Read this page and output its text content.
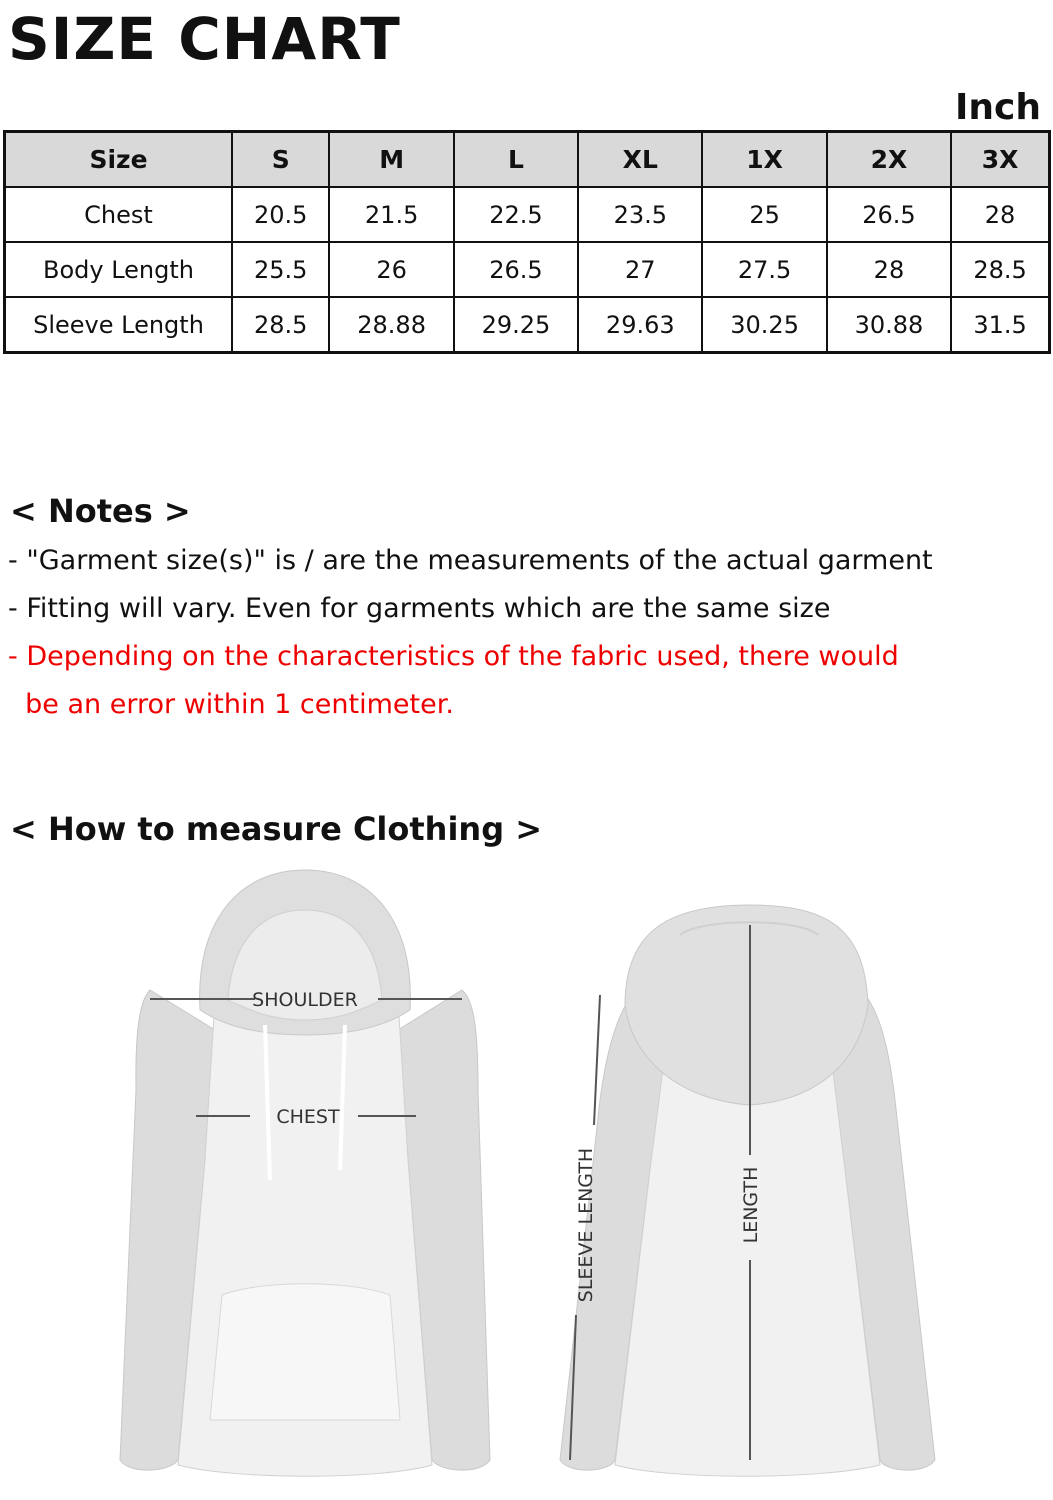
SIZE CHART
Inch
Size	S	M	L	XL	1X	2X	3X
Chest	20.5	21.5	22.5	23.5	25	26.5	28
Body Length	25.5	26	26.5	27	27.5	28	28.5
Sleeve Length	28.5	28.88	29.25	29.63	30.25	30.88	31.5
< Notes >
- "Garment size(s)" is / are the measurements of the actual garment
- Fitting will vary. Even for garments which are the same size
- Depending on the characteristics of the fabric used, there would
be an error within 1 centimeter.
< How to measure Clothing >
SHOULDER
CHEST
SLEEVE LENGTH	LENGTH
